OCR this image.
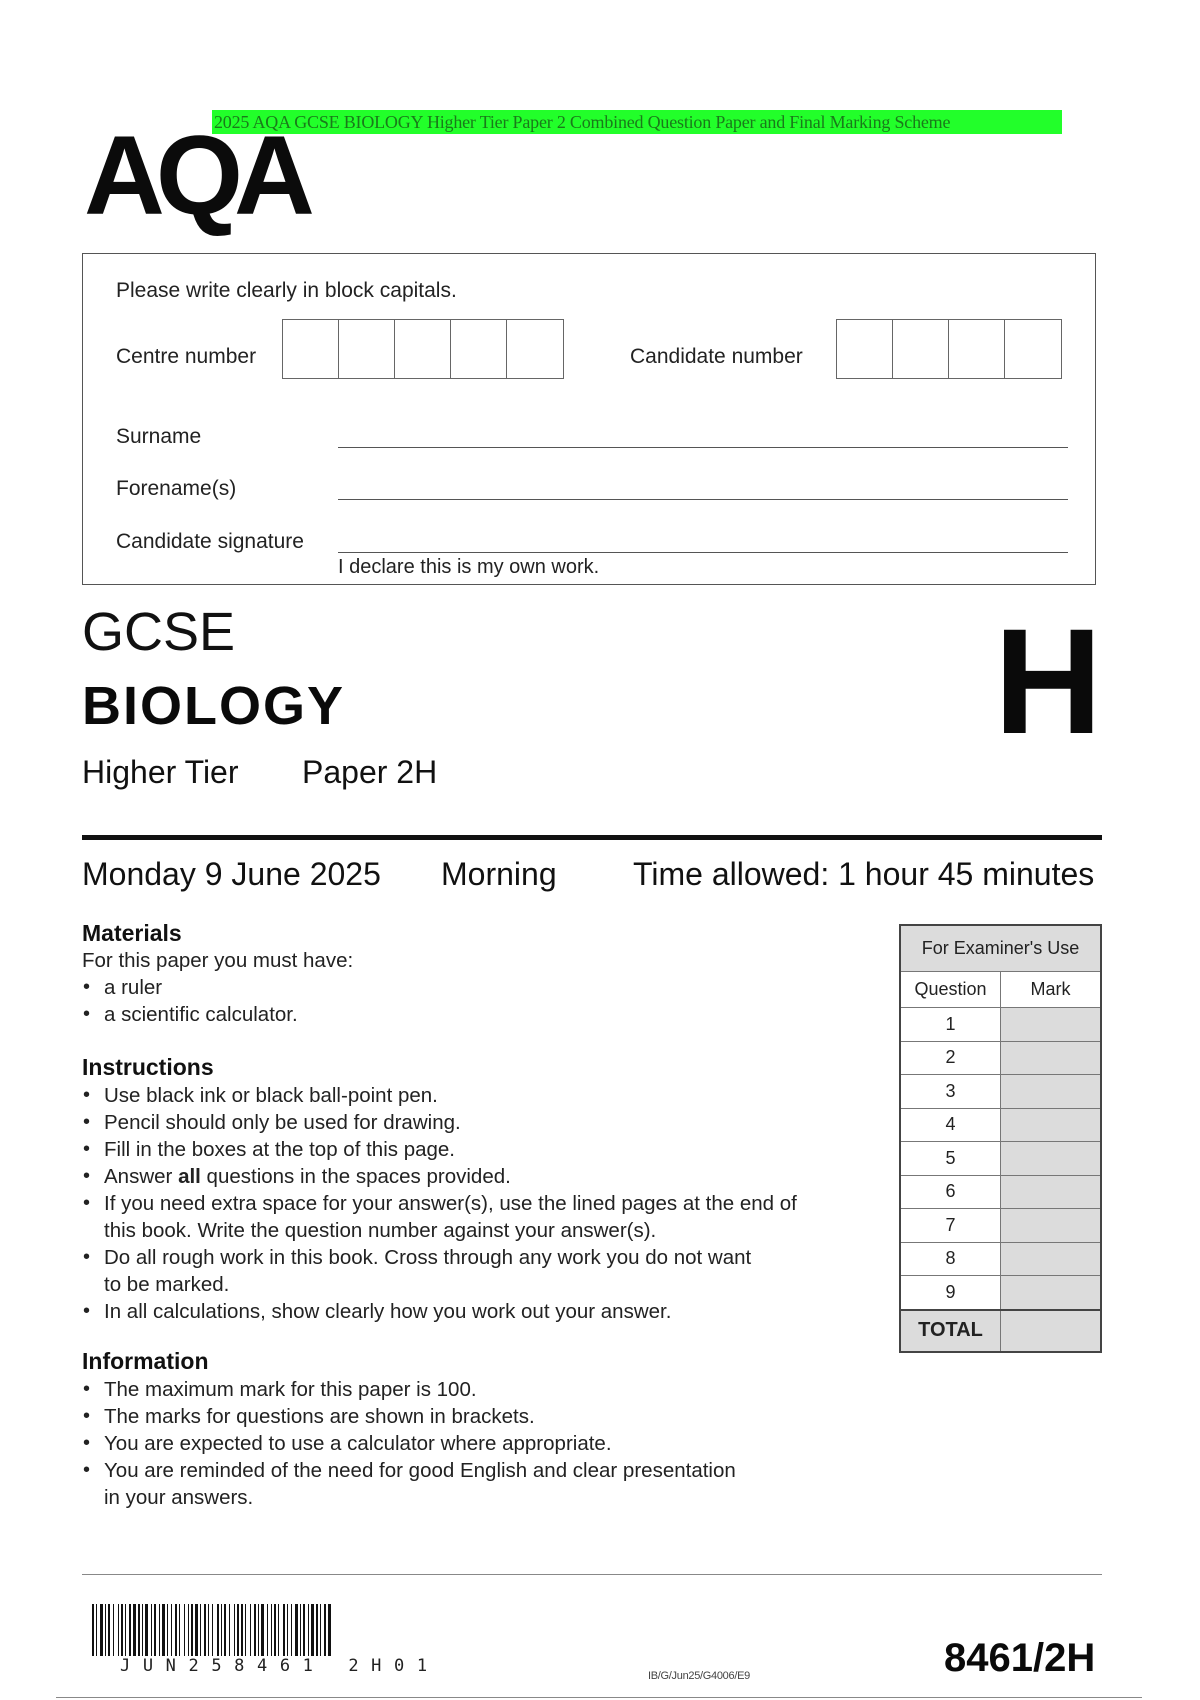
2025 AQA GCSE BIOLOGY Higher Tier Paper 2 Combined Question Paper and Final Marking Scheme
AQA
Please write clearly in block capitals.
Centre number	Candidate number
Surname
Forename(s)
Candidate signature
I declare this is my own work.
GCSE
BIOLOGY
Higher Tier Paper 2H
H
Monday 9 June 2025 Morning Time allowed: 1 hour 45 minutes
Materials
For this paper you must have:
• a ruler
• a scientific calculator.
Instructions
• Use black ink or black ball-point pen.
• Pencil should only be used for drawing.
• Fill in the boxes at the top of this page.
• Answer all questions in the spaces provided.
• If you need extra space for your answer(s), use the lined pages at the end of
this book. Write the question number against your answer(s).
• Do all rough work in this book. Cross through any work you do not want
to be marked.
• In all calculations, show clearly how you work out your answer.
Information
• The maximum mark for this paper is 100.
• The marks for questions are shown in brackets.
• You are expected to use a calculator where appropriate.
• You are reminded of the need for good English and clear presentation
in your answers.
For Examiner's Use	
Question	Mark
1	
2	
3	
4	
5	
6	
7	
8	
9	
TOTAL	
JUN258461 2H01	IB/G/Jun25/G4006/E9	8461/2H
